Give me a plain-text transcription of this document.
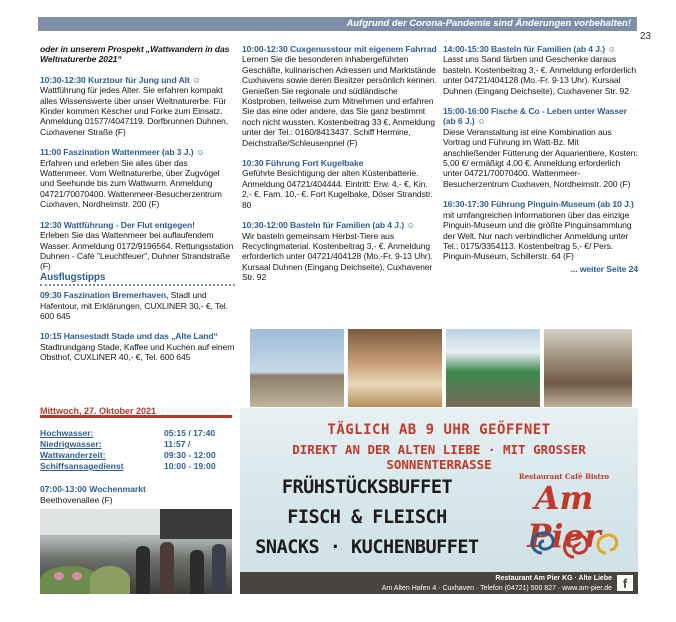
Aufgrund der Corona-Pandemie sind Änderungen vorbehalten!
23
oder in unserem Prospekt „Wattwandern in das Weltnaturerbe 2021“
10:30-12:30 Kurztour für Jung und Alt ☺
Wattführung für jedes Alter. Sie erfahren kompakt alles Wissenswerte über unser Weltnaturerbe. Für Kinder kommen Kescher und Forke zum Einsatz. Anmeldung 01577/4047119. Dorfbrunnen Duhnen, Cuxhavener Straße (F)
11:00 Faszination Wattenmeer (ab 3 J.) ☺
Erfahren und erleben Sie alles über das Wattenmeer. Vom Weltnaturerbe, über Zugvögel und Seehunde bis zum Wattwurm. Anmeldung 04721/70070400. Wattenmeer-Besucherzentrum Cuxhaven, Nordheimstr. 200 (F)
12:30 Wattführung - Der Flut entgegen!
Erleben Sie das Wattenmeer bei auflaufendem Wasser. Anmeldung 0172/9196564. Rettungsstation Duhnen - Café "Leuchtfeuer", Duhner Strandstraße (F)
Ausflugstipps
09:30 Faszination Bremerhaven, Stadt und Hafentour, mit Erklärungen, CUXLINER 30,- €, Tel. 600 645
10:15 Hansestadt Stade und das „Alte Land“
Stadtrundgang Stade, Kaffee und Kuchen auf einem Obsthof, CUXLINER 40,- €, Tel. 600 645
Mittwoch, 27. Oktober 2021
Hochwasser:	05:15 / 17:40
Niedrigwasser:	11:57 /
Wattwanderzeit:	09:30 - 12:00
Schiffsansagedienst	10:00 - 19:00
07:00-13:00 Wochenmarkt
Beethovenallee (F)
10:00-12:30 Cuxgenusstour mit eigenem Fahrrad
Lernen Sie die besonderen inhabergeführten Geschäfte, kulinarischen Adressen und Marktstände Cuxhavens sowie deren Besitzer persönlich kennen. Genießen Sie regionale und südländische Kostproben, teilweise zum Mitnehmen und erfahren Sie das eine oder andere, das Sie ganz bestimmt noch nicht wussten. Kostenbeitrag 33 €, Anmeldung unter der Tel.: 0160/8413437. Schiff Hermine, Deichstraße/Schleusenpriel (F)
10:30 Führung Fort Kugelbake
Geführte Besichtigung der alten Küstenbatterie. Anmeldung 04721/404444. Eintritt: Erw. 4,- €, Kin. 2,- €, Fam. 10,- €. Fort Kugelbake, Döser Strandstr. 80
10:30-12:00 Basteln für Familien (ab 4 J.) ☺
Wir basteln gemeinsam Herbst-Tiere aus Recyclingmaterial. Kostenbeitrag 3,- €. Anmeldung erforderlich unter 04721/404128 (Mo.-Fr. 9-13 Uhr). Kursaal Duhnen (Eingang Deichseite), Cuxhavener Str. 92
14:00-15:30 Basteln für Familien (ab 4 J.) ☺
Lasst uns Sand färben und Geschenke daraus basteln. Kostenbeitrag 3,- €. Anmeldung erforderlich unter 04721/404128 (Mo.-Fr. 9-13 Uhr). Kursaal Duhnen (Eingang Deichseite), Cuxhavener Str. 92
15:00-16:00 Fische & Co - Leben unter Wasser (ab 6 J.) ☺
Diese Veranstaltung ist eine Kombination aus Vortrag und Führung im Watt-Bz. Mit anschließender Fütterung der Aquarientiere, Kosten: 5,00 €/ ermäßigt 4,00 €. Anmeldung erforderlich unter 04721/70070400. Wattenmeer-Besucherzentrum Cuxhaven, Nordheimstr. 200 (F)
16:30-17:30 Führung Pinguin-Museum (ab 10 J.)
mit umfangreichen Informationen über das einzige Pinguin-Museum und die größte Pinguinsammlung der Welt. Nur nach verbindlicher Anmeldung unter Tel.: 0175/3354113. Kostenbeitrag 5,- €/ Pers. Pinguin-Museum, Schillerstr. 64 (F)
... weiter Seite 24
TÄGLICH AB 9 UHR GEÖFFNET
DIREKT AN DER ALTEN LIEBE · MIT GROSSER SONNENTERRASSE
FRÜHSTÜCKSBUFFET
FISCH & FLEISCH
SNACKS · KUCHENBUFFET
Restaurant Café Bistro
Am Pier
Restaurant Am Pier KG · Alte Liebe
Am Alten Hafen 4 · Cuxhaven · Telefon (04721) 500 827 · www.am-pier.de f
